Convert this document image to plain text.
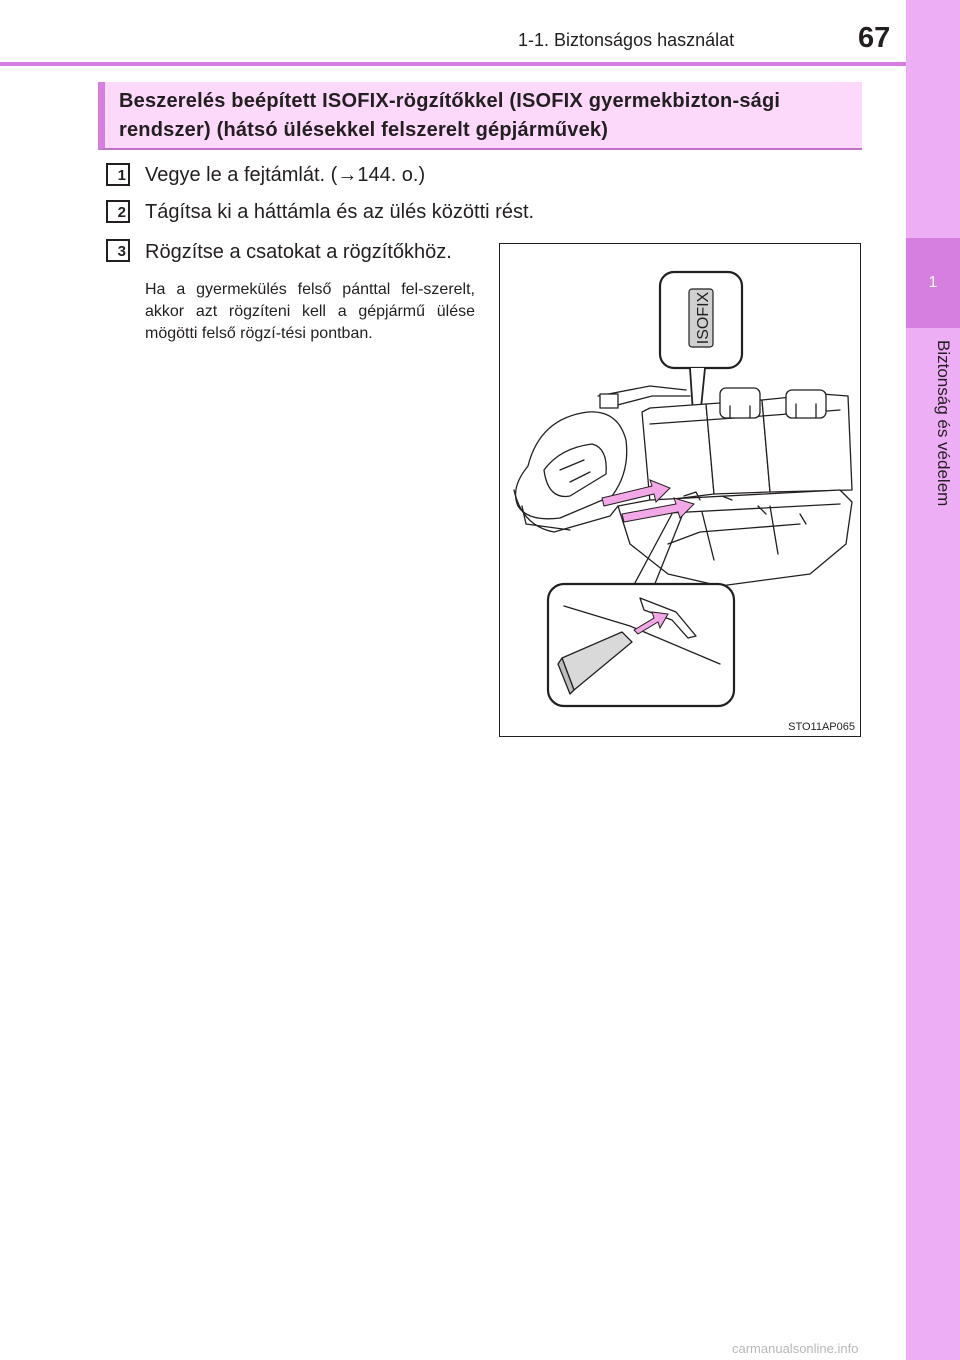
1-1. Biztonságos használat	67
1
Biztonság és védelem
Beszerelés beépített ISOFIX-rögzítőkkel (ISOFIX gyermekbizton-sági rendszer) (hátsó ülésekkel felszerelt gépjárművek)
1 Vegye le a fejtámlát. (→144. o.)
2 Tágítsa ki a háttámla és az ülés közötti rést.
3 Rögzítse a csatokat a rögzítőkhöz.
Ha a gyermekülés felső pánttal fel-szerelt, akkor azt rögzíteni kell a gépjármű ülése mögötti felső rögzí-tési pontban.	ISOFIX
STO11AP065
carmanualsonline.info
